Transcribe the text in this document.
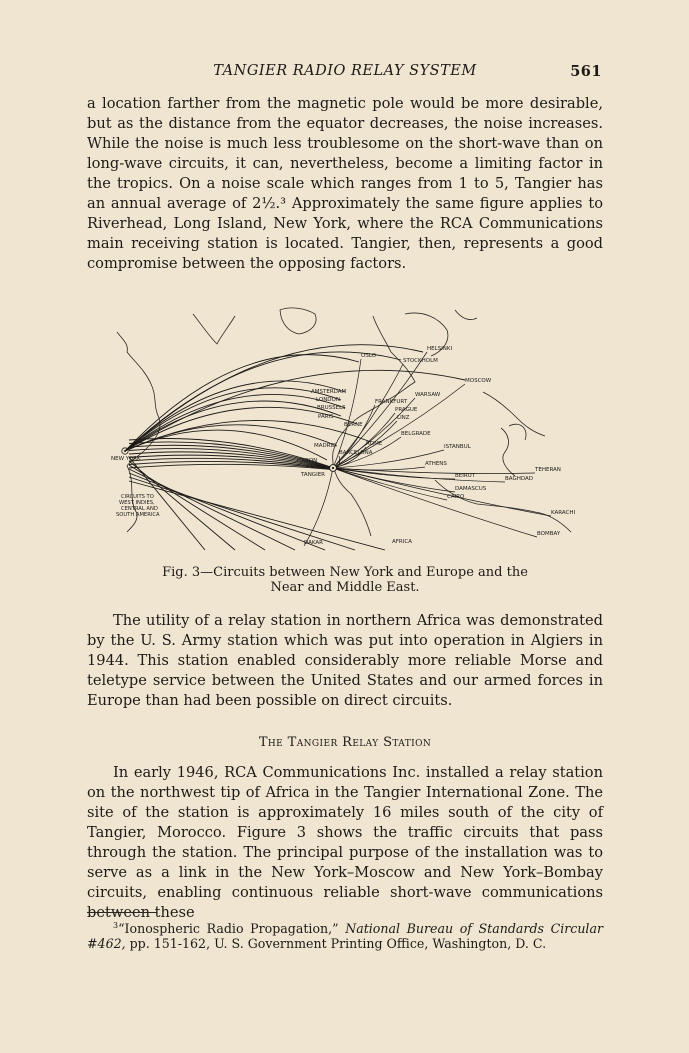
TANGIER RADIO RELAY SYSTEM	561

a location farther from the magnetic pole would be more desirable, but as the distance from the equator decreases, the noise increases. While the noise is much less troublesome on the short-wave than on long-wave circuits, it can, nevertheless, become a limiting factor in the tropics. On a noise scale which ranges from 1 to 5, Tangier has an annual average of 2½.³ Approximately the same figure applies to Riverhead, Long Island, New York, where the RCA Communications main receiving station is located. Tangier, then, represents a good compromise between the opposing factors.

NEW YORK
TANGIER
OSLO
HELSINKI
STOCKHOLM
MOSCOW
AMSTERDAM
LONDON
BRUSSELS
FRANKFURT
WARSAW
PRAGUE
PARIS	LINZ
BERNE
BELGRADE
MADRID	ROME
BARCELONA
ISTANBUL
LISBON	ATHENS
TEHERAN
BEIRUT	BAGHDAD
DAMASCUS
CAIRO
KARACHI
BOMBAY
DAKAR	AFRICA
CIRCUITS TO
WEST INDIES,
CENTRAL AND
SOUTH AMERICA
Fig. 3—Circuits between New York and Europe and the
Near and Middle East.

The utility of a relay station in northern Africa was demonstrated by the U. S. Army station which was put into operation in Algiers in 1944. This station enabled considerably more reliable Morse and teletype service between the United States and our armed forces in Europe than had been possible on direct circuits.

The Tangier Relay Station

In early 1946, RCA Communications Inc. installed a relay station on the northwest tip of Africa in the Tangier International Zone. The site of the station is approximately 16 miles south of the city of Tangier, Morocco. Figure 3 shows the traffic circuits that pass through the station. The principal purpose of the installation was to serve as a link in the New York–Moscow and New York–Bombay circuits, enabling continuous reliable short-wave communications between these

$^3$“Ionospheric Radio Propagation,” National Bureau of Standards Circular #462, pp. 151-162, U. S. Government Printing Office, Washington, D. C.
